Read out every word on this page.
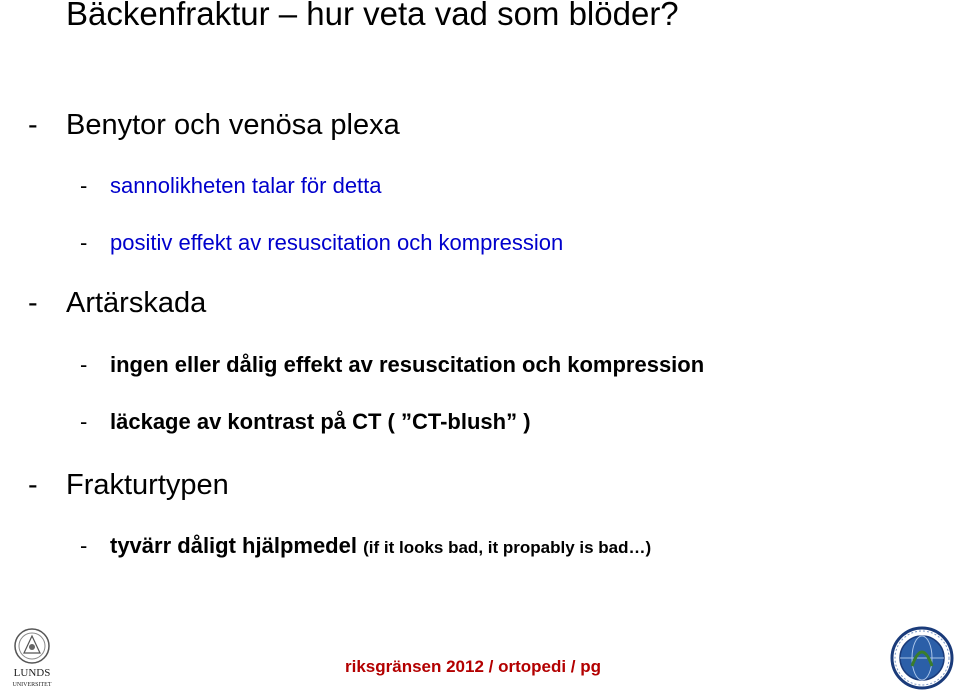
Bäckenfraktur – hur veta vad som blöder?
- Benytor och venösa plexa
- sannolikheten talar för detta
- positiv effekt av resuscitation och kompression
- Artärskada
- ingen eller dålig effekt av resuscitation och kompression
- läckage av kontrast på CT ( ”CT-blush” )
- Frakturtypen
- tyvärr dåligt hjälpmedel (if it looks bad, it propably is bad…)
riksgränsen 2012 / ortopedi / pg
LUNDS
UNIVERSITET
